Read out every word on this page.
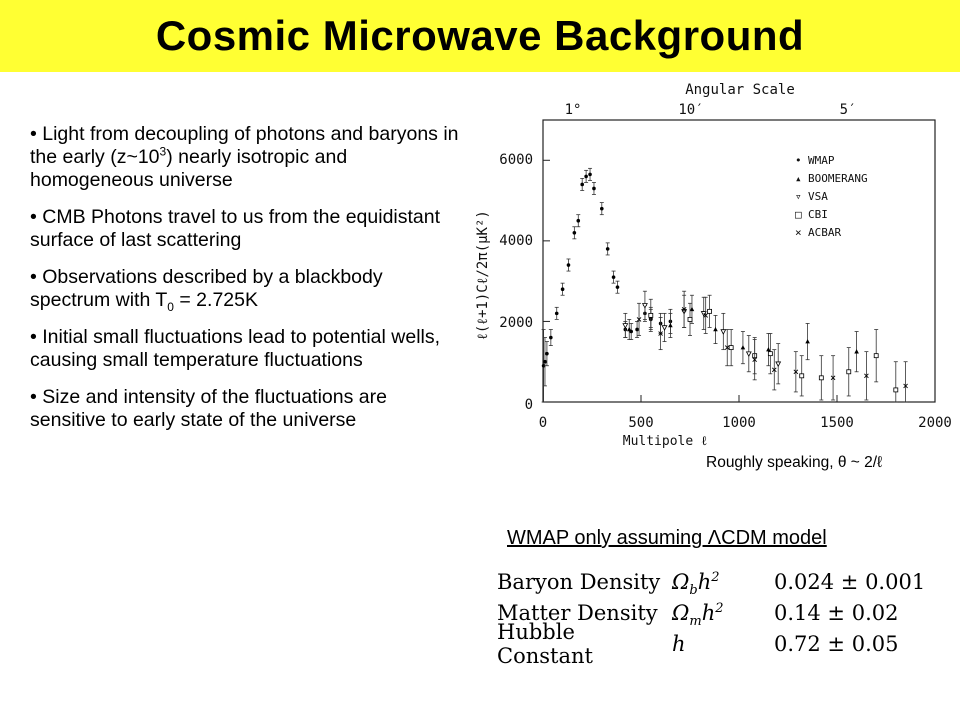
Cosmic Microwave Background

• Light from decoupling of photons and baryons in the early $(z\sim 10^3)$ nearly isotropic and homogeneous universe

• CMB Photons travel to us from the equidistant surface of last scattering

• Observations described by a blackbody spectrum with $T_0 = 2.725K$

• Initial small fluctuations lead to potential wells, causing small temperature fluctuations

• Size and intensity of the fluctuations are sensitive to early state of the universe

Angular Scale
1°	10′	5′
6000
4000
2000
0
0	500	1000	1500	2000
Multipole ℓ
ℓ(ℓ+1)Cℓ/2π(μK²)
• WMAP
▴ BOOMERANG
▿ VSA
□ CBI
× ACBAR
Roughly speaking, θ ~ 2/ℓ
WMAP only assuming ΛCDM model
Baryon Density $\Omega_bh^2$	0.024 ± 0.001
Matter Density $\Omega_mh^2$	0.14 ± 0.02
Hubble Constant	h	0.72 ± 0.05
